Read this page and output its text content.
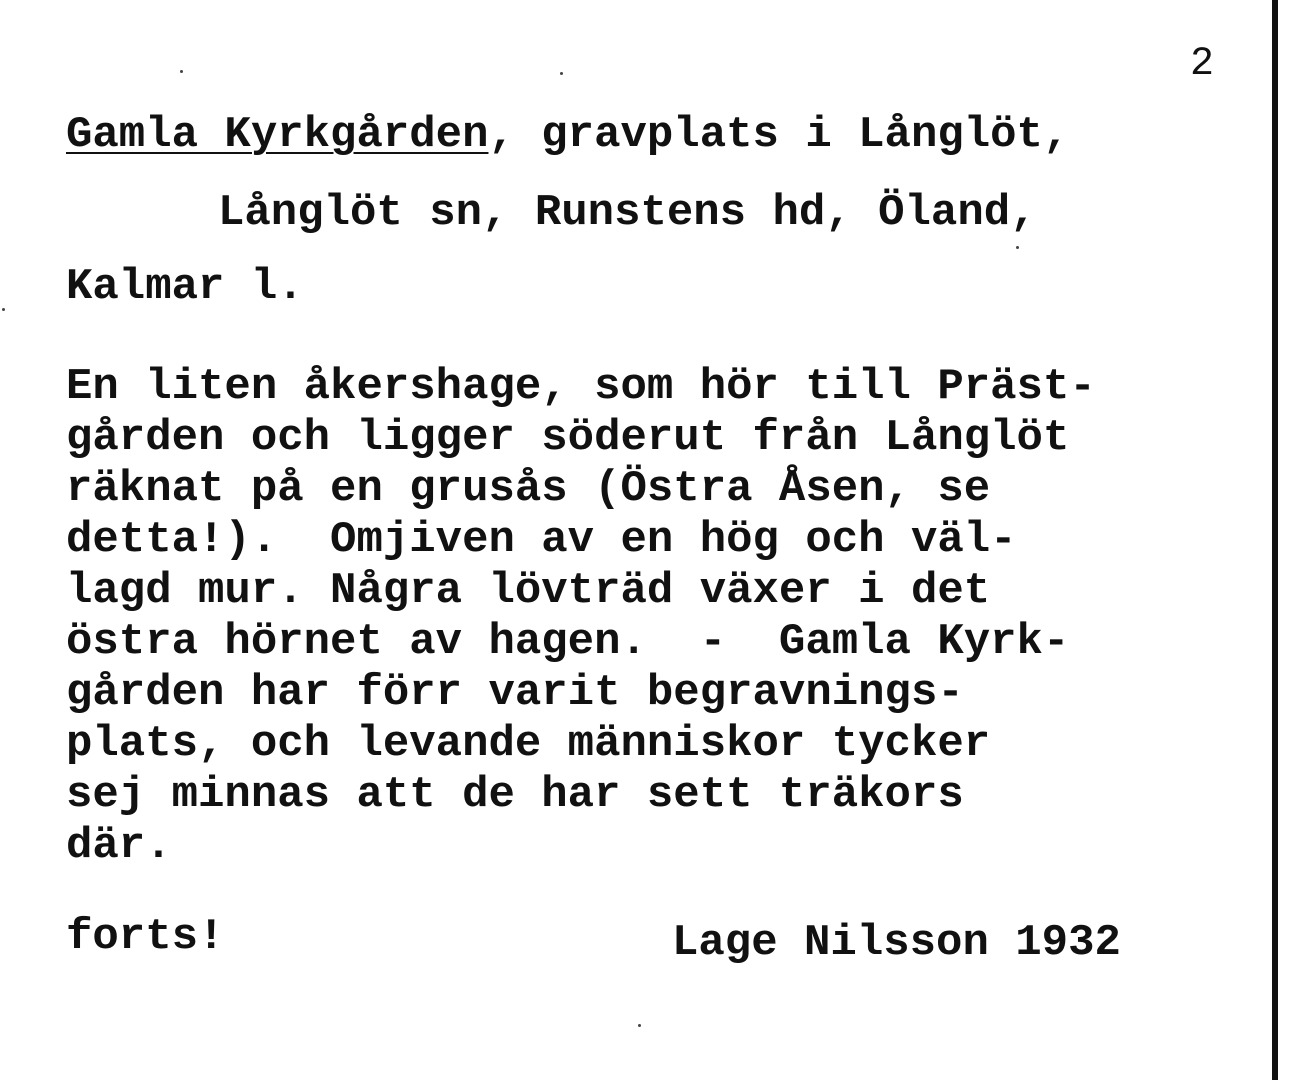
2
Gamla Kyrkgården, gravplats i Långlöt,
Långlöt sn, Runstens hd, Öland,
Kalmar l.
En liten åkershage, som hör till Präst-
gården och ligger söderut från Långlöt
räknat på en grusås (Östra Åsen, se
detta!).  Omjiven av en hög och väl-
lagd mur. Några lövträd växer i det
östra hörnet av hagen.  -  Gamla Kyrk-
gården har förr varit begravnings-
plats, och levande människor tycker
sej minnas att de har sett träkors
där.
forts!	Lage Nilsson 1932
